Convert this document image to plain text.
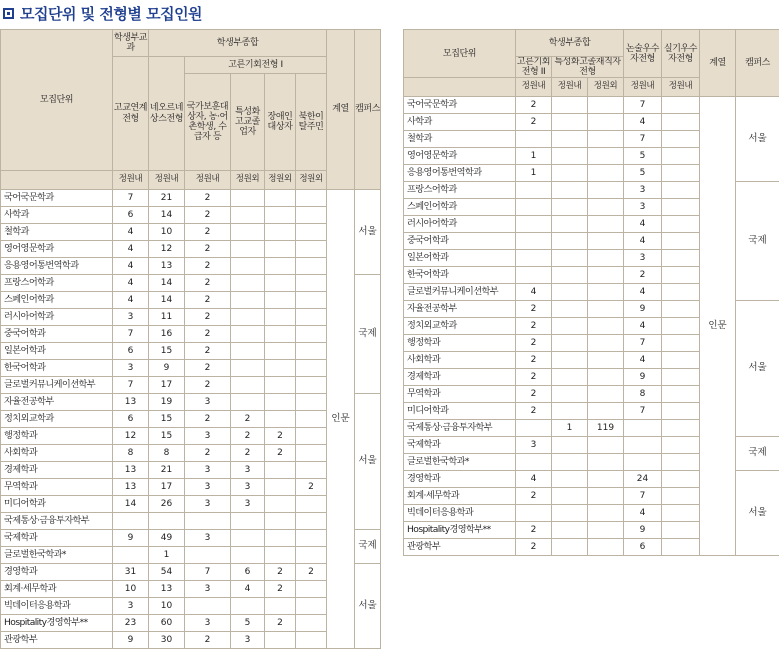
모집단위 및 전형별 모집인원
모집단위	학생부교과	학생부종합					계열	캠퍼스
	고교연계전형	네오르네상스전형	고른기회전형 I					
			국가보훈대상자, 농·어촌학생, 수급자 등	특성화고교졸업자	장애인 대상자	북한이탈주민		
	정원내	정원내	정원내	정원외	정원외	정원외		
국어국문학과	7	21	2				인문	서울
사학과	6	14	2					
철학과	4	10	2					
영어영문학과	4	12	2					
응용영어통번역학과	4	13	2					
프랑스어학과	4	14	2					국제
스페인어학과	4	14	2					
러시아어학과	3	11	2					
중국어학과	7	16	2					
일본어학과	6	15	2					
한국어학과	3	9	2					
글로벌커뮤니케이션학부	7	17	2					
자율전공학부	13	19	3					서울
정치외교학과	6	15	2	2				
행정학과	12	15	3	2	2			
사회학과	8	8	2	2	2			
경제학과	13	21	3	3				
무역학과	13	17	3	3		2		
미디어학과	14	26	3	3				
국제통상·금융투자학부								
국제학과	9	49	3					국제
글로벌한국학과*		1						
경영학과	31	54	7	6	2	2		서울
회계·세무학과	10	13	3	4	2			
빅데이터응용학과	3	10						
Hospitality경영학부**	23	60	3	5	2			
관광학부	9	30	2	3				
모집단위	학생부종합			논술우수자전형	실기우수자전형	계열	캠퍼스
	고른기회전형 II	특성화고졸재직자전형					

	정원내	정원내	정원외	정원내	정원내		
국어국문학과	2			7		인문	서울
사학과	2			4			
철학과				7			
영어영문학과	1			5			
응용영어통번역학과	1			5			
프랑스어학과				3			국제
스페인어학과				3			
러시아어학과				4			
중국어학과				4			
일본어학과				3			
한국어학과				2			
글로벌커뮤니케이션학부	4			4			
자율전공학부	2			9			서울
정치외교학과	2			4			
행정학과	2			7			
사회학과	2			4			
경제학과	2			9			
무역학과	2			8			
미디어학과	2			7			
국제통상·금융투자학부		1	119				
국제학과	3						국제
글로벌한국학과*							
경영학과	4			24			서울
회계·세무학과	2			7			
빅데이터응용학과				4			
Hospitality경영학부**	2			9			
관광학부	2			6			
